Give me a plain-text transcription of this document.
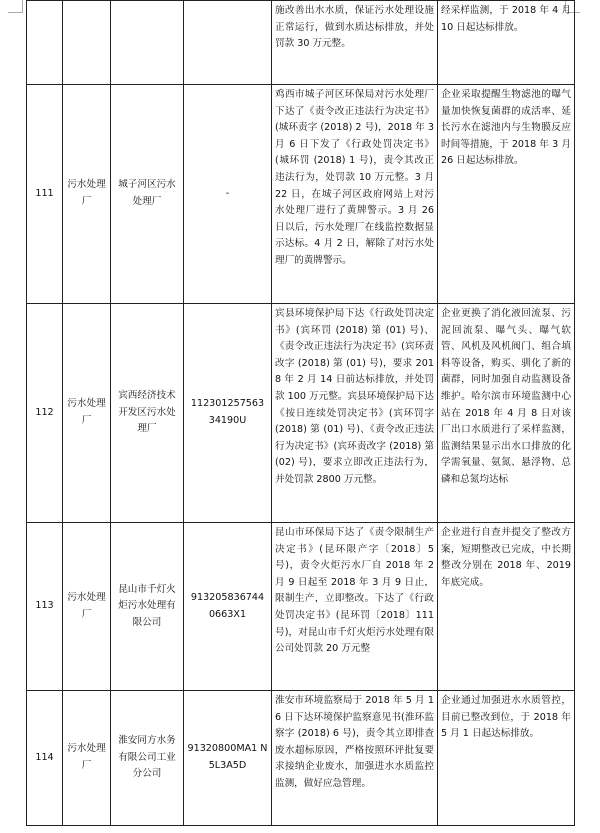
				施改善出水水质，保证污水处理设施正常运行，做到水质达标排放，并处罚款 30 万元整。	经采样监测，于 2018 年 4 月 10 日起达标排放。
111	污水处理厂	城子河区污水处理厂	-	鸡西市城子河区环保局对污水处理厂下达了《责令改正违法行为决定书》(城环责字 (2018) 2 号)，2018 年 3 月 6 日下发了《行政处罚决定书》(城环罚 (2018) 1 号)，责令其改正违法行为，处罚款 10 万元整。3 月 22 日，在城子河区政府网站上对污水处理厂进行了黄牌警示。3 月 26 日以后，污水处理厂在线监控数据显示达标。4 月 2 日，解除了对污水处理厂的黄牌警示。	企业采取提醒生物滤池的曝气量加快恢复菌群的成活率、延长污水在滤池内与生物膜反应时间等措施，于 2018 年 3 月 26 日起达标排放。
112	污水处理厂	宾西经济技术开发区污水处理厂	112301257563 34190U	宾县环境保护局下达《行政处罚决定书》(宾环罚 (2018) 第 (01) 号)、《责令改正违法行为决定书》(宾环责改字 (2018) 第 (01) 号)，要求 2018 年 2 月 14 日前达标排放，并处罚款 100 万元整。宾县环境保护局下达《按日连续处罚决定书》(宾环罚字 (2018) 第 (01) 号)、《责令改正违法行为决定书》(宾环责改字 (2018) 第 (02) 号)，要求立即改正违法行为，并处罚款 2800 万元整。	企业更换了消化液回流泵、污泥回流泵、曝气头、曝气软管、风机及风机阀门、组合填料等设备，购买、驯化了新的菌群，同时加强自动监测设备维护。哈尔滨市环境监测中心站在 2018 年 4 月 8 日对该厂出口水质进行了采样监测，监测结果显示出水口排放的化学需氧量、氨氮、悬浮物、总磷和总氮均达标
113	污水处理厂	昆山市千灯火炬污水处理有限公司	913205836744 0663X1	昆山市环保局下达了《责令限制生产决定书》(昆环限产字〔2018〕5 号)，责令火炬污水厂自 2018 年 2 月 9 日起至 2018 年 3 月 9 日止，限制生产，立即整改。下达了《行政处罚决定书》(昆环罚〔2018〕111 号)，对昆山市千灯火炬污水处理有限公司处罚款 20 万元整	企业进行自查并提交了整改方案，短期整改已完成，中长期整改分别在 2018 年、2019 年底完成。
114	污水处理厂	淮安同方水务有限公司工业分公司	91320800MA1 N5L3A5D	淮安市环境监察局于 2018 年 5 月 16 日下达环境保护监察意见书(淮环监察字 (2018) 6 号)，责令其立即排查废水超标原因，严格按照环评批复要求接纳企业废水，加强进水水质监控监测，做好应急管理。	企业通过加强进水水质管控，目前已整改到位，于 2018 年 5 月 1 日起达标排放。
